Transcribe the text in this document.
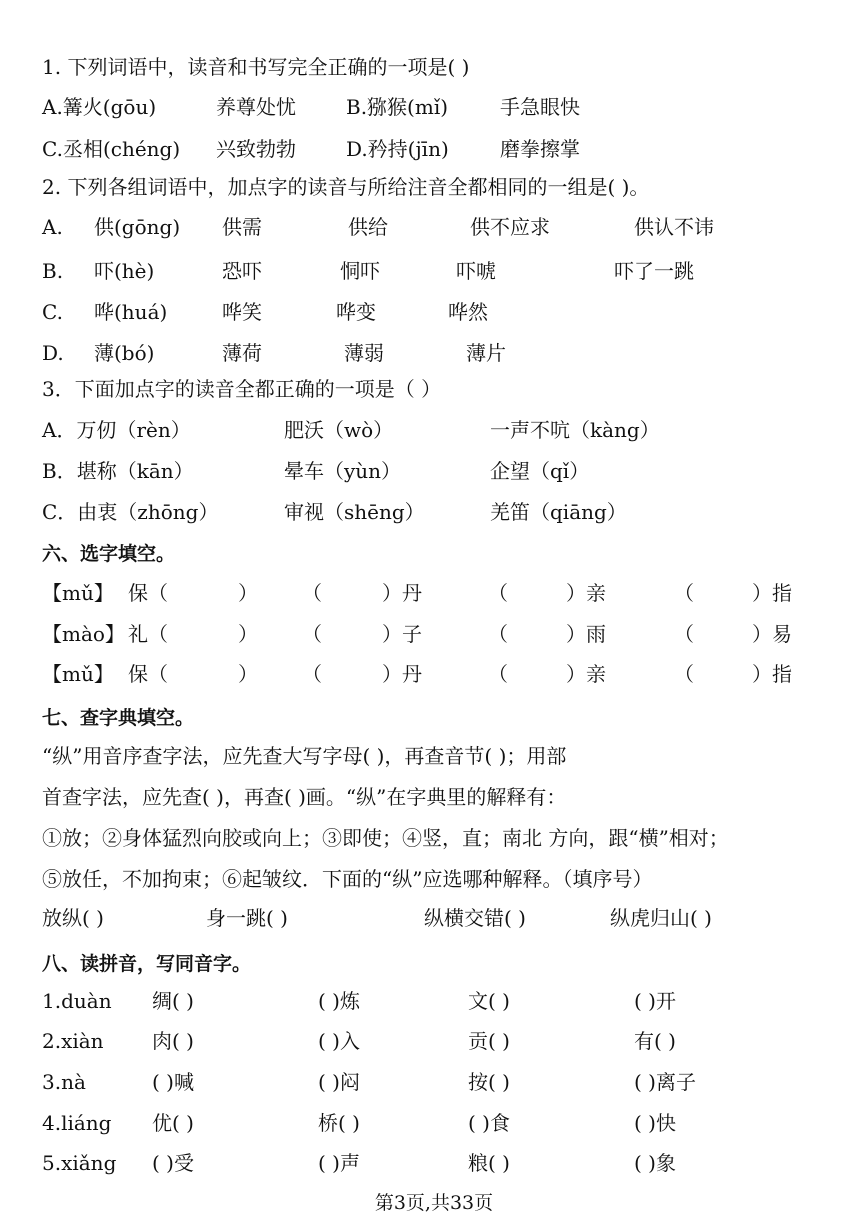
1. 下列词语中，读音和书写完全正确的一项是( )
A.篝火(gōu)	养尊处忧	B.猕猴(mǐ)	手急眼快
C.丞相(chéng) 兴致勃勃	D.矜持(jīn)	磨拳擦掌
2. 下列各组词语中，加点字的读音与所给注音全都相同的一组是( )。
A. 供(gōng) 供需	供给	供不应求	供认不讳
B. 吓(hè)	恐吓	恫吓	吓唬	吓了一跳
C. 哗(huá)	哗笑	哗变	哗然
D. 薄(bó)	薄荷	薄弱	薄片
3．下面加点字的读音全都正确的一项是（ ）
A．万仞（rèn）	肥沃（wò）	一声不吭（kàng）
B．堪称（kān）	晕车（yùn）	企望（qǐ）
C．由衷（zhōng）	审视（shēng）	羌笛（qiāng）
【mǔ】 保（	） （	）丹	（	）亲	（	）指
【mào】 礼（	） （	）子	（	）雨	（	）易
【mǔ】 保（	） （	）丹	（	）亲	（	）指
放纵( )	身一跳( )	纵横交错( )	纵虎归山( )
1.duàn 绸( )	( )炼	文( )	( )开
2.xiàn 肉( )	( )入	贡( )	有( )
3.nà	( )喊	( )闷	按( )	( )离子
4.liáng 优( )	桥( )	( )食	( )快
5.xiǎng ( )受	( )声	粮( )	( )象
六、选字填空。
七、查字典填空。
八、读拼音，写同音字。
“纵”用音序查字法，应先查大写字母( )，再查音节( )；用部
首查字法，应先查( )，再查( )画。“纵”在字典里的解释有：
①放；②身体猛烈向胶或向上；③即使；④竖，直；南北 方向，跟“横”相对；
⑤放任，不加拘束；⑥起皱纹．下面的“纵”应选哪种解释。（填序号）
第3页,共33页
